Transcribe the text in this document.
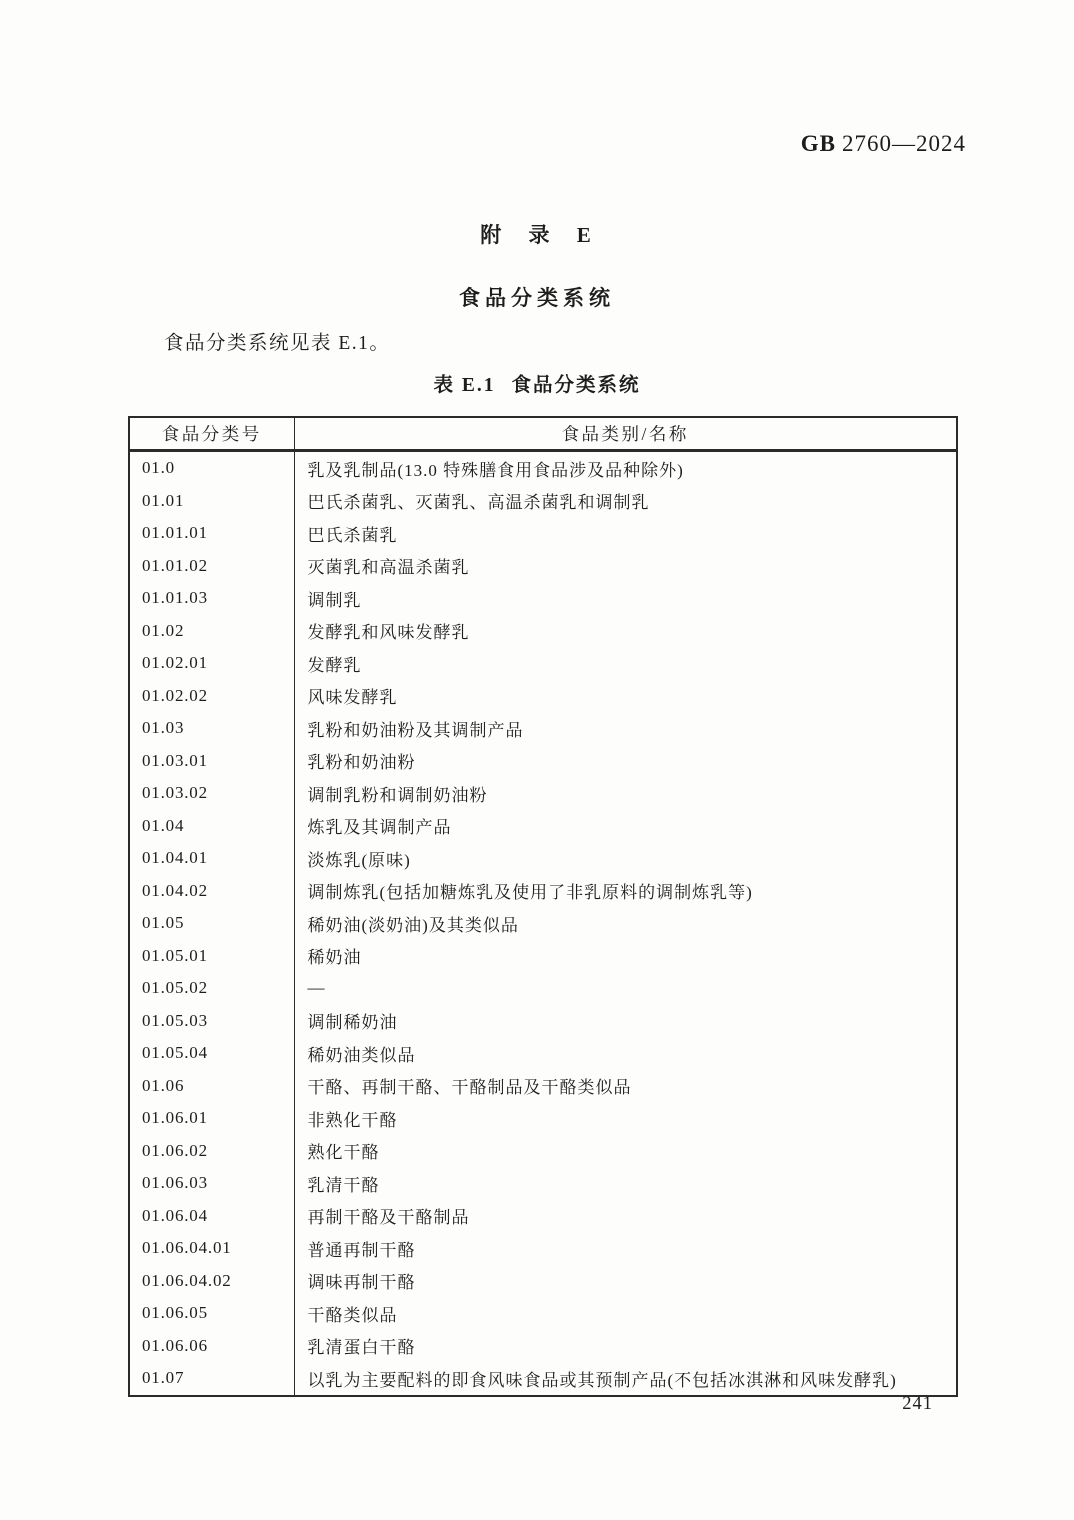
GB 2760—2024
附 录 E
食品分类系统
食品分类系统见表 E.1。
表 E.1 食品分类系统
食品分类号	食品类别/名称
01.0	乳及乳制品(13.0 特殊膳食用食品涉及品种除外)
01.01	巴氏杀菌乳、灭菌乳、高温杀菌乳和调制乳
01.01.01	巴氏杀菌乳
01.01.02	灭菌乳和高温杀菌乳
01.01.03	调制乳
01.02	发酵乳和风味发酵乳
01.02.01	发酵乳
01.02.02	风味发酵乳
01.03	乳粉和奶油粉及其调制产品
01.03.01	乳粉和奶油粉
01.03.02	调制乳粉和调制奶油粉
01.04	炼乳及其调制产品
01.04.01	淡炼乳(原味)
01.04.02	调制炼乳(包括加糖炼乳及使用了非乳原料的调制炼乳等)
01.05	稀奶油(淡奶油)及其类似品
01.05.01	稀奶油
01.05.02	—
01.05.03	调制稀奶油
01.05.04	稀奶油类似品
01.06	干酪、再制干酪、干酪制品及干酪类似品
01.06.01	非熟化干酪
01.06.02	熟化干酪
01.06.03	乳清干酪
01.06.04	再制干酪及干酪制品
01.06.04.01	普通再制干酪
01.06.04.02	调味再制干酪
01.06.05	干酪类似品
01.06.06	乳清蛋白干酪
01.07	以乳为主要配料的即食风味食品或其预制产品(不包括冰淇淋和风味发酵乳)
241
